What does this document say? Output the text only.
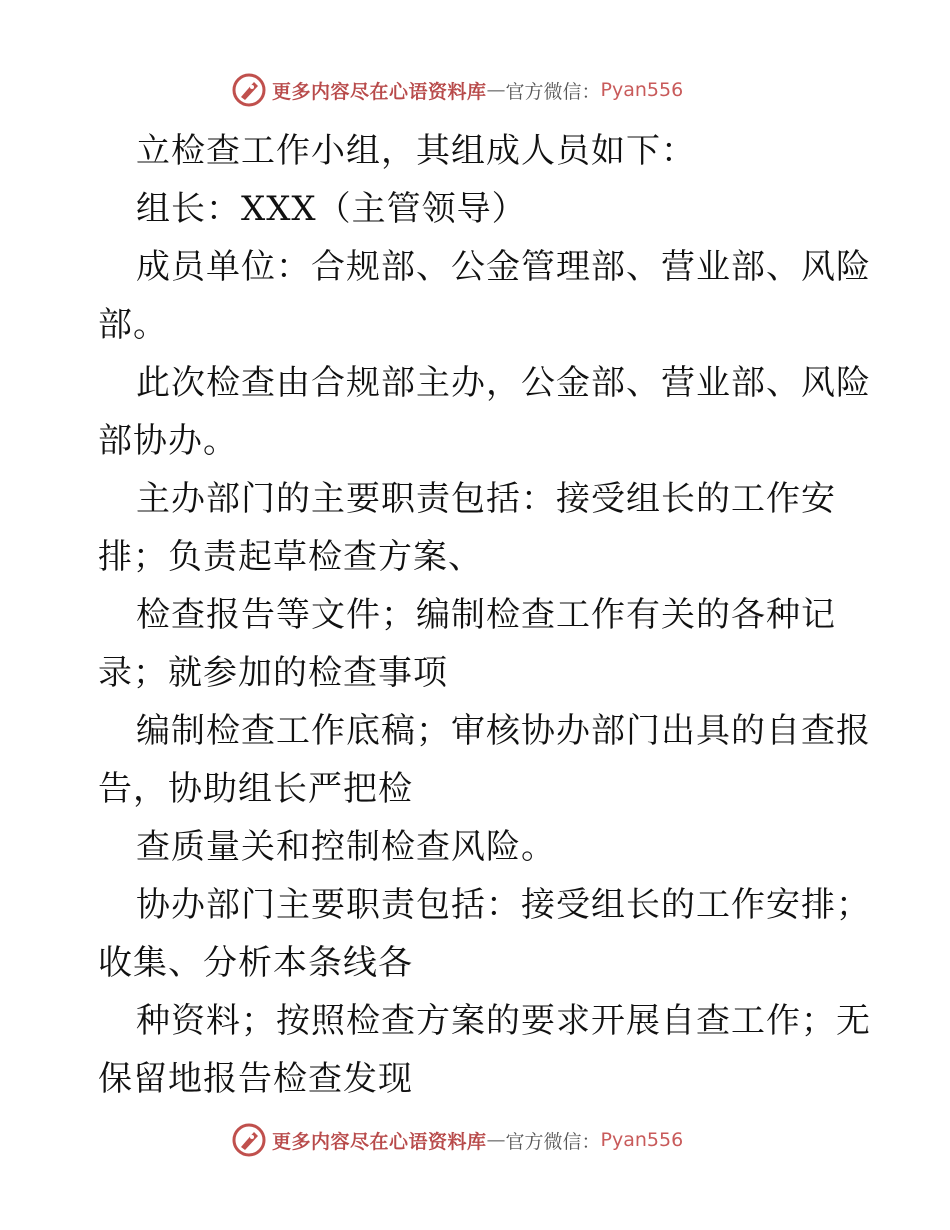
更多内容尽在心语资料库 — 官方微信： Pyan556
立检查工作小组，其组成人员如下：
组长：XXX（主管领导）
成员单位：合规部、公金管理部、营业部、风险
部。
此次检查由合规部主办，公金部、营业部、风险
部协办。
主办部门的主要职责包括：接受组长的工作安
排；负责起草检查方案、
检查报告等文件；编制检查工作有关的各种记
录；就参加的检查事项
编制检查工作底稿；审核协办部门出具的自查报
告，协助组长严把检
查质量关和控制检查风险。
协办部门主要职责包括：接受组长的工作安排；
收集、分析本条线各
种资料；按照检查方案的要求开展自查工作；无
保留地报告检查发现
更多内容尽在心语资料库 — 官方微信： Pyan556
